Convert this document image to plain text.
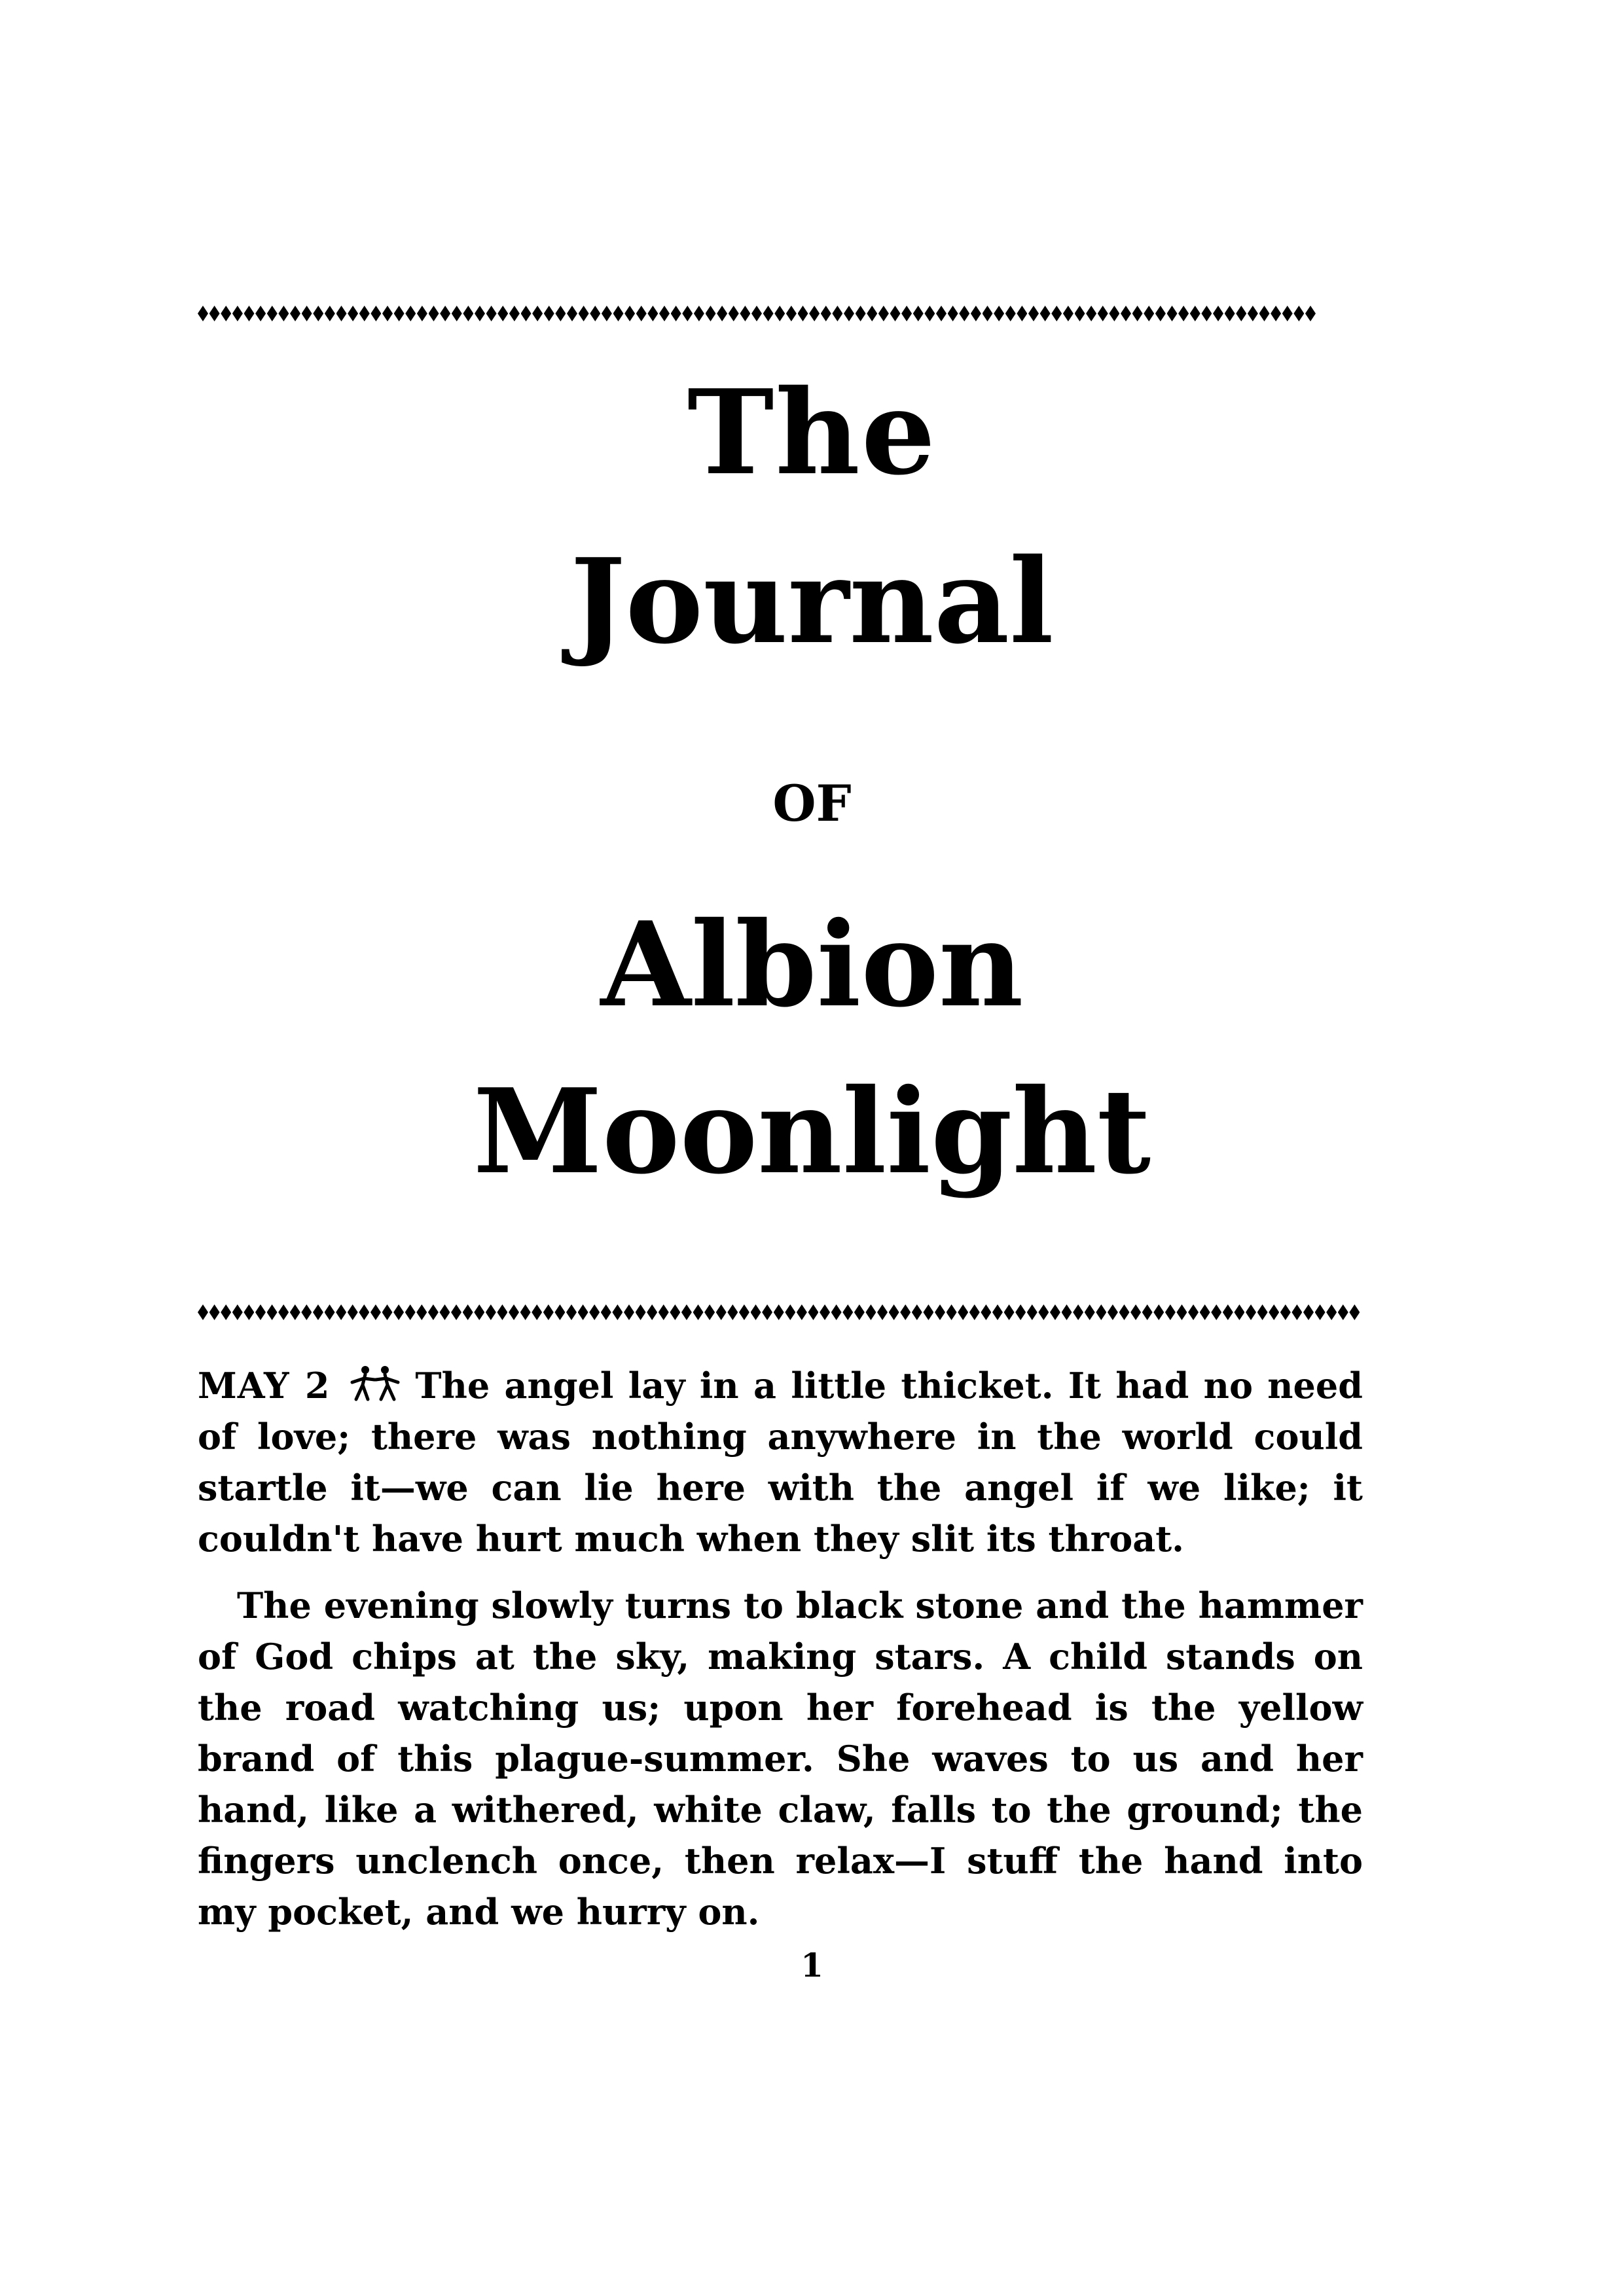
The
Journal
OF
Albion
Moonlight

MAY 2 The angel lay in a little thicket. It had no need of love; there was nothing anywhere in the world could startle it—we can lie here with the angel if we like; it couldn't have hurt much when they slit its throat.

The evening slowly turns to black stone and the hammer of God chips at the sky, making stars. A child stands on the road watching us; upon her forehead is the yellow brand of this plague-summer. She waves to us and her hand, like a withered, white claw, falls to the ground; the fingers unclench once, then relax—I stuff the hand into my pocket, and we hurry on.

1
